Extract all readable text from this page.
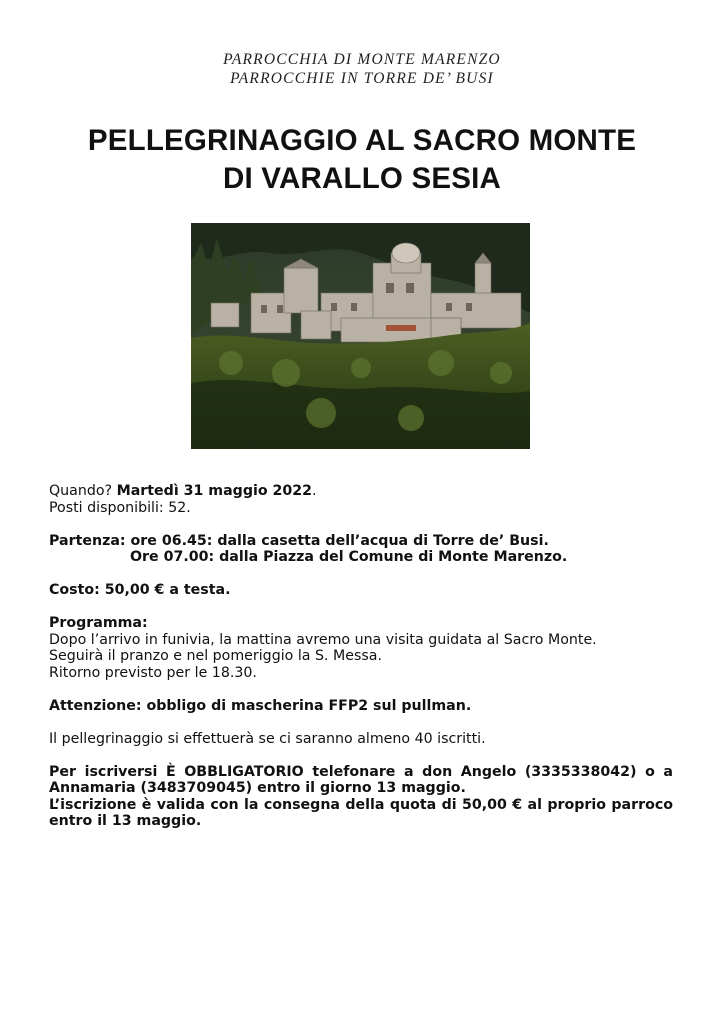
PARROCCHIA DI MONTE MARENZO
PARROCCHIE IN TORRE DE’ BUSI
PELLEGRINAGGIO AL SACRO MONTE
DI VARALLO SESIA

Quando? Martedì 31 maggio 2022.

Posti disponibili: 52.

Partenza: ore 06.45: dalla casetta dell’acqua di Torre de’ Busi.

Ore 07.00: dalla Piazza del Comune di Monte Marenzo.

Costo: 50,00 € a testa.

Programma:

Dopo l’arrivo in funivia, la mattina avremo una visita guidata al Sacro Monte.

Seguirà il pranzo e nel pomeriggio la S. Messa.

Ritorno previsto per le 18.30.

Attenzione: obbligo di mascherina FFP2 sul pullman.

Il pellegrinaggio si effettuerà se ci saranno almeno 40 iscritti.

Per iscriversi È OBBLIGATORIO telefonare a don Angelo (3335338042) o a Annamaria (3483709045) entro il giorno 13 maggio.

L’iscrizione è valida con la consegna della quota di 50,00 € al proprio parroco entro il 13 maggio.
